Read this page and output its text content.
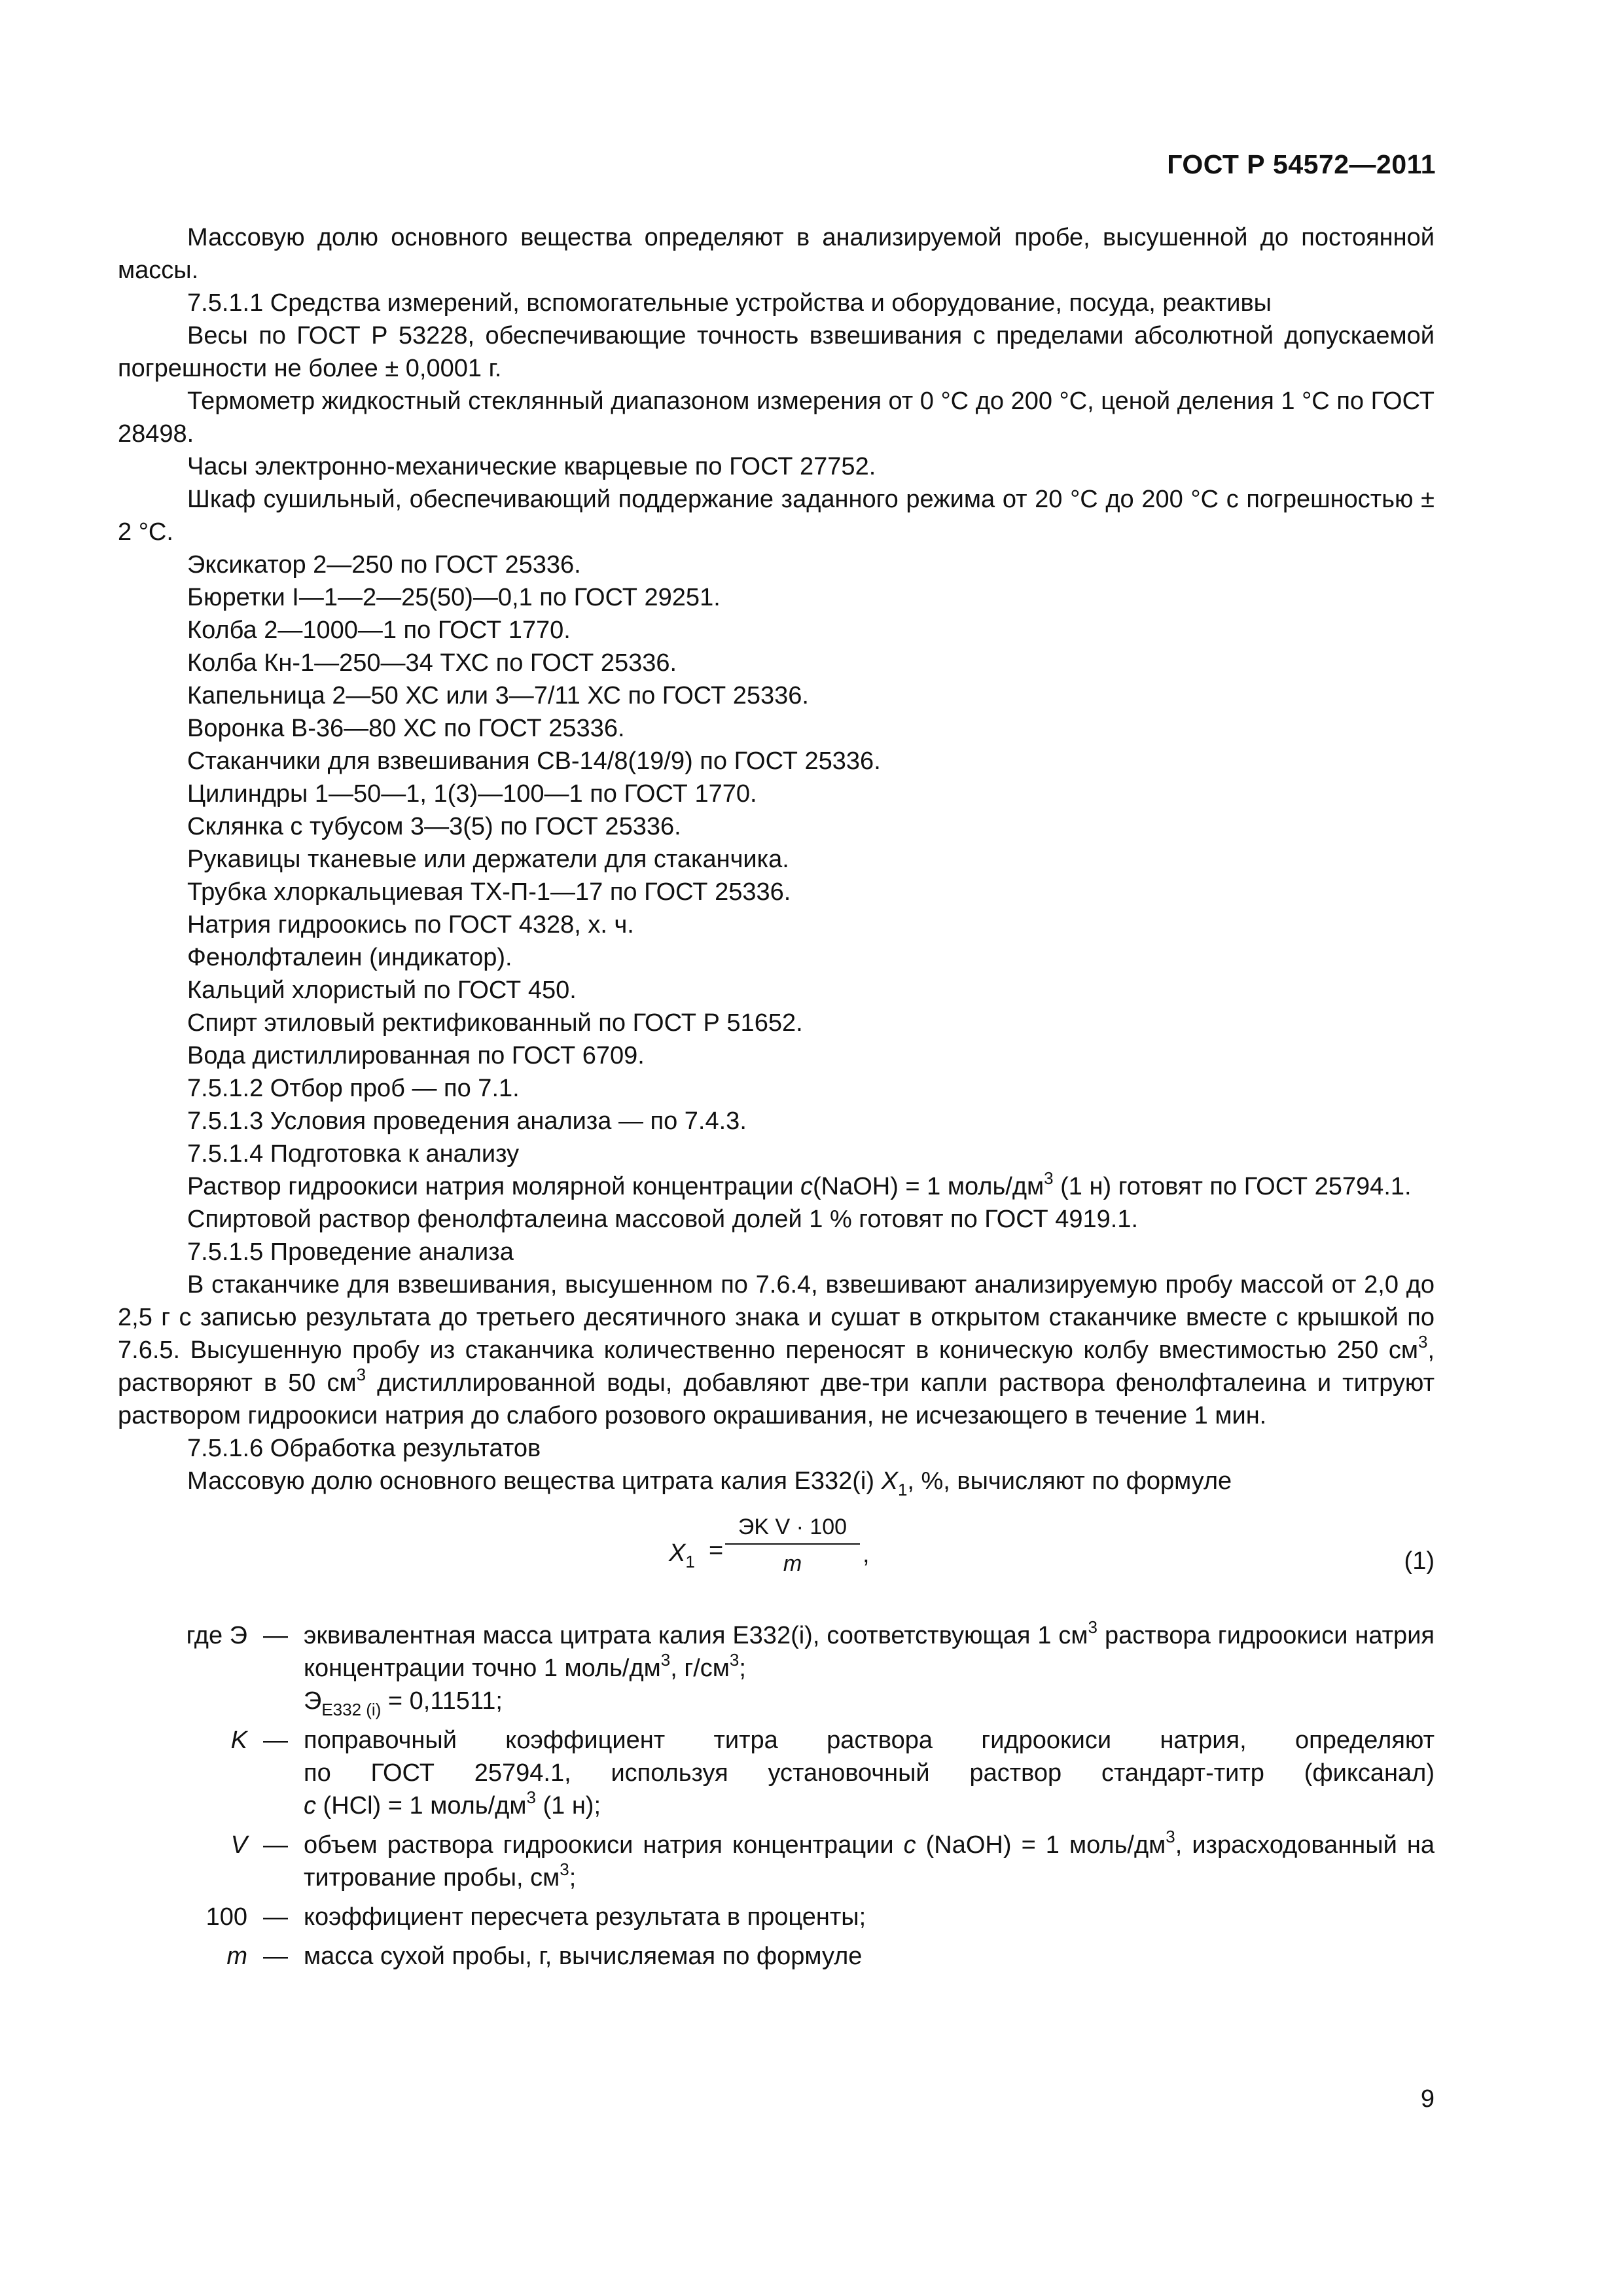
ГОСТ Р 54572—2011

Массовую долю основного вещества определяют в анализируемой пробе, высушенной до постоянной массы.

7.5.1.1 Средства измерений, вспомогательные устройства и оборудование, посуда, реактивы

Весы по ГОСТ Р 53228, обеспечивающие точность взвешивания с пределами абсолютной допускаемой погрешности не более ± 0,0001 г.

Термометр жидкостный стеклянный диапазоном измерения от 0 °С до 200 °С, ценой деления 1 °С по ГОСТ 28498.

Часы электронно-механические кварцевые по ГОСТ 27752.

Шкаф сушильный, обеспечивающий поддержание заданного режима от 20 °С до 200 °С с погрешностью ± 2 °С.

Эксикатор 2—250 по ГОСТ 25336.

Бюретки I—1—2—25(50)—0,1 по ГОСТ 29251.

Колба 2—1000—1 по ГОСТ 1770.

Колба Кн-1—250—34 ТХС по ГОСТ 25336.

Капельница 2—50 ХС или 3—7/11 ХС по ГОСТ 25336.

Воронка В-36—80 ХС по ГОСТ 25336.

Стаканчики для взвешивания СВ-14/8(19/9) по ГОСТ 25336.

Цилиндры 1—50—1, 1(3)—100—1 по ГОСТ 1770.

Склянка с тубусом 3—3(5) по ГОСТ 25336.

Рукавицы тканевые или держатели для стаканчика.

Трубка хлоркальциевая ТХ-П-1—17 по ГОСТ 25336.

Натрия гидроокись по ГОСТ 4328, х. ч.

Фенолфталеин (индикатор).

Кальций хлористый по ГОСТ 450.

Спирт этиловый ректификованный по ГОСТ Р 51652.

Вода дистиллированная по ГОСТ 6709.

7.5.1.2 Отбор проб — по 7.1.

7.5.1.3 Условия проведения анализа — по 7.4.3.

7.5.1.4 Подготовка к анализу

Раствор гидроокиси натрия молярной концентрации с(NaOH) = 1 моль/$дм^3$ (1 н) готовят по ГОСТ 25794.1.

Спиртовой раствор фенолфталеина массовой долей 1 % готовят по ГОСТ 4919.1.

7.5.1.5 Проведение анализа

В стаканчике для взвешивания, высушенном по 7.6.4, взвешивают анализируемую пробу массой от 2,0 до 2,5 г с записью результата до третьего десятичного знака и сушат в открытом стаканчике вместе с крышкой по 7.6.5. Высушенную пробу из стаканчика количественно переносят в коническую колбу вместимостью 250 $см^3$, растворяют в 50 $см^3$ дистиллированной воды, добавляют две-три капли раствора фенолфталеина и титруют раствором гидроокиси натрия до слабого розового окрашивания, не исчезающего в течение 1 мин.

7.5.1.6 Обработка результатов

Массовую долю основного вещества цитрата калия Е332(i) $X_1$, %, вычисляют по формуле

$X_1$ =
ЭK V · 100
m	,	(1)
где Э — эквивалентная масса цитрата калия Е332(i), соответствующая 1 $см^3$ раствора гидроокиси натрия концентрации точно 1 моль/$дм^3$, $г/см^3$;
$Э_{Е332 (i)} = 0,11511$;
K — поправочный коэффициент титра раствора гидроокиси натрия, определяют
по ГОСТ 25794.1, используя установочный раствор стандарт-титр (фиксанал)
с (HCl) = 1 моль/$дм^3$ (1 н);
V — объем раствора гидроокиси натрия концентрации с (NaOH) = 1 моль/$дм^3$, израсходованный на титрование пробы, $см^3$;
100 — коэффициент пересчета результата в проценты;
m — масса сухой пробы, г, вычисляемая по формуле
9
